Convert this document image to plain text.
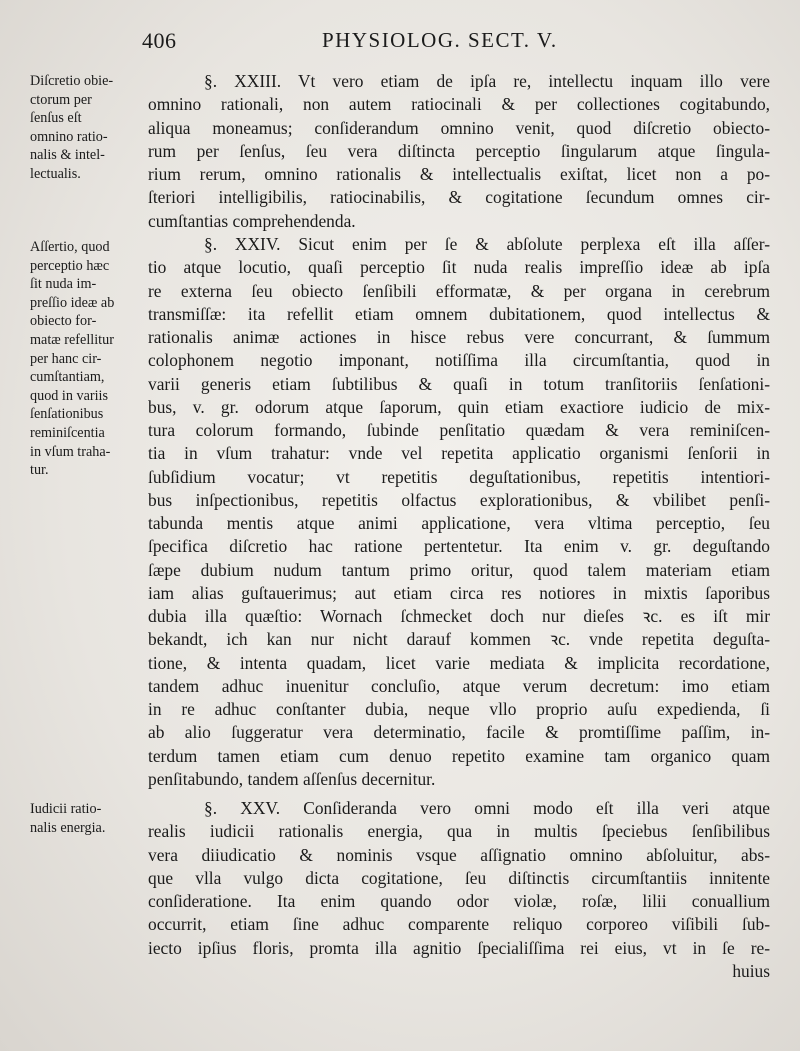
406	PHYSIOLOG. SECT. V.

Diſcretio obie-
ctorum per
ſenſus eſt
omnino ratio-
nalis & intel-
lectualis.

Aſſertio, quod
perceptio hæc
ſit nuda im-
preſſio ideæ ab
obiecto for-
matæ refellitur
per hanc cir-
cumſtantiam,
quod in variis
ſenſationibus
reminiſcentia
in vſum traha-
tur.

Iudicii ratio-
nalis energia.

§. XXIII. Vt vero etiam de ipſa re, intellectu inquam illo vere
omnino rationali, non autem ratiocinali & per collectiones cogitabundo,
aliqua moneamus; conſiderandum omnino venit, quod diſcretio obiecto-
rum per ſenſus, ſeu vera diſtincta perceptio ſingularum atque ſingula-
rium rerum, omnino rationalis & intellectualis exiſtat, licet non a po-
ſteriori intelligibilis, ratiocinabilis, & cogitatione ſecundum omnes cir-
cumſtantias comprehendenda.
§. XXIV. Sicut enim per ſe & abſolute perplexa eſt illa aſſer-
tio atque locutio, quaſi perceptio ſit nuda realis impreſſio ideæ ab ipſa
re externa ſeu obiecto ſenſibili efformatæ, & per organa in cerebrum
transmiſſæ: ita refellit etiam omnem dubitationem, quod intellectus &
rationalis animæ actiones in hisce rebus vere concurrant, & ſummum
colophonem negotio imponant, notiſſima illa circumſtantia, quod in
varii generis etiam ſubtilibus & quaſi in totum tranſitoriis ſenſationi-
bus, v. gr. odorum atque ſaporum, quin etiam exactiore iudicio de mix-
tura colorum formando, ſubinde penſitatio quædam & vera reminiſcen-
tia in vſum trahatur: vnde vel repetita applicatio organismi ſenſorii in
ſubſidium vocatur; vt repetitis deguſtationibus, repetitis intentiori-
bus inſpectionibus, repetitis olfactus explorationibus, & vbilibet penſi-
tabunda mentis atque animi applicatione, vera vltima perceptio, ſeu
ſpecifica diſcretio hac ratione pertentetur. Ita enim v. gr. deguſtando
ſæpe dubium nudum tantum primo oritur, quod talem materiam etiam
iam alias guſtauerimus; aut etiam circa res notiores in mixtis ſaporibus
dubia illa quæſtio: Wornach ſchmecket doch nur dieſes ꝛc. es iſt mir
bekandt, ich kan nur nicht darauf kommen ꝛc. vnde repetita deguſta-
tione, & intenta quadam, licet varie mediata & implicita recordatione,
tandem adhuc inuenitur concluſio, atque verum decretum: imo etiam
in re adhuc conſtanter dubia, neque vllo proprio auſu expedienda, ſi
ab alio ſuggeratur vera determinatio, facile & promtiſſime paſſim, in-
terdum tamen etiam cum denuo repetito examine tam organico quam
penſitabundo, tandem aſſenſus decernitur.
§. XXV. Conſideranda vero omni modo eſt illa veri atque
realis iudicii rationalis energia, qua in multis ſpeciebus ſenſibilibus
vera diiudicatio & nominis vsque aſſignatio omnino abſoluitur, abs-
que vlla vulgo dicta cogitatione, ſeu diſtinctis circumſtantiis innitente
conſideratione. Ita enim quando odor violæ, roſæ, lilii conuallium
occurrit, etiam ſine adhuc comparente reliquo corporeo viſibili ſub-
iecto ipſius floris, promta illa agnitio ſpecialiſſima rei eius, vt in ſe re-
huius
